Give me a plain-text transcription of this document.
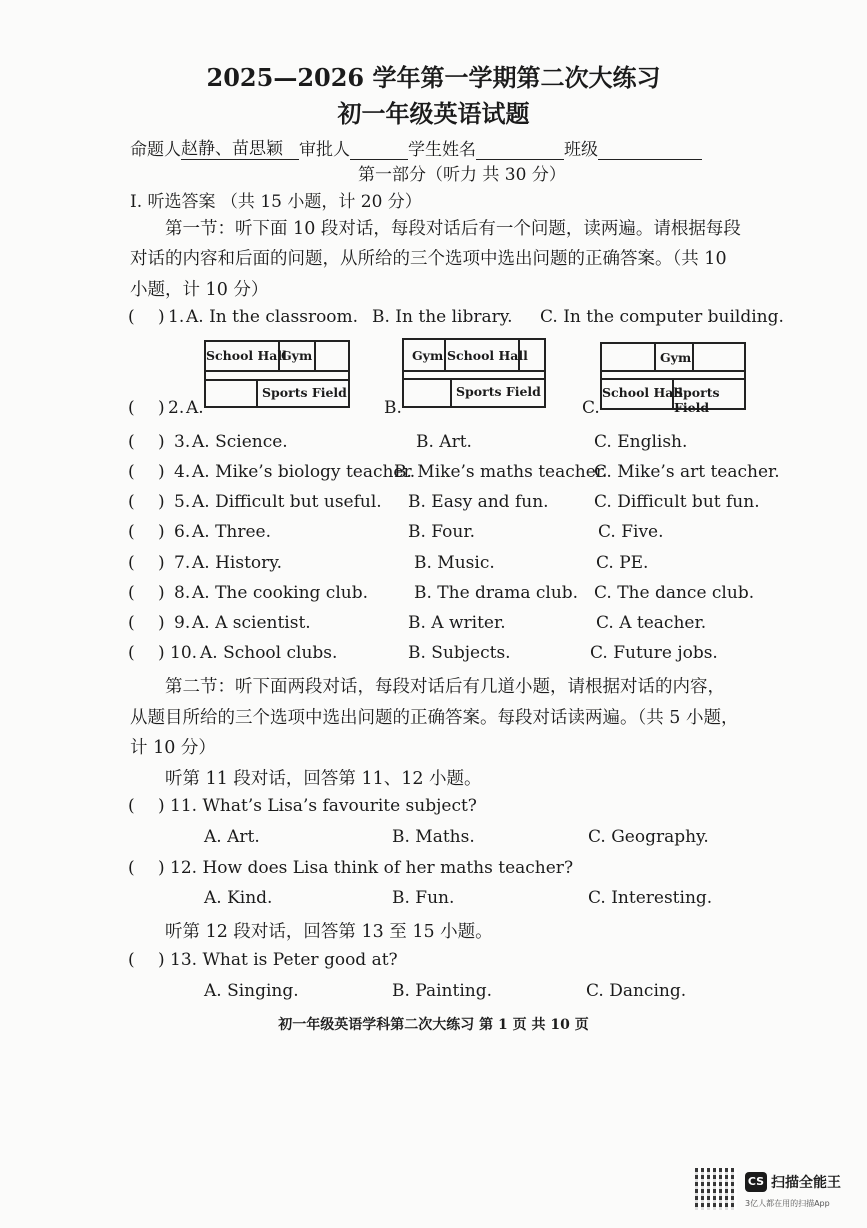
2025—2026 学年第一学期第二次大练习
初一年级英语试题
命题人赵静、苗思颖 审批人	学生姓名	班级
第一部分（听力 共 30 分）
I. 听选答案 （共 15 小题，计 20 分）
第一节：听下面 10 段对话，每段对话后有一个问题，读两遍。请根据每段
对话的内容和后面的问题，从所给的三个选项中选出问题的正确答案。（共 10
小题，计 10 分）
( ) 1. A. In the classroom. B. In the library. C. In the computer building.
( ) 2. A.	B.	C.
School Hall
Gym
Sports Field
Gym School Hall
Sports Field
Gym
School Hall
Sports Field
( ) 3. A. Science.	B. Art.	C. English.
( ) 4. A. Mike’s biology teacher.
B. Mike’s maths teacher.
C. Mike’s art teacher.
( ) 5. A. Difficult but useful. B. Easy and fun.	C. Difficult but fun.
( ) 6. A. Three.	B. Four.	C. Five.
( ) 7. A. History.	B. Music.	C. PE.
( ) 8. A. The cooking club.	B. The drama club. C. The dance club.
( ) 9. A. A scientist.	B. A writer.	C. A teacher.
( ) 10. A. School clubs.	B. Subjects.	C. Future jobs.
第二节：听下面两段对话，每段对话后有几道小题，请根据对话的内容，
从题目所给的三个选项中选出问题的正确答案。每段对话读两遍。（共 5 小题，
计 10 分）
听第 11 段对话，回答第 11、12 小题。
( ) 11. What’s Lisa’s favourite subject?
A. Art.	B. Maths.	C. Geography.
( ) 12. How does Lisa think of her maths teacher?
A. Kind.	B. Fun.	C. Interesting.
听第 12 段对话，回答第 13 至 15 小题。
( ) 13. What is Peter good at?
A. Singing.	B. Painting.	C. Dancing.
初一年级英语学科第二次大练习 第 1 页 共 10 页
CS 扫描全能王
3亿人都在用的扫描App
